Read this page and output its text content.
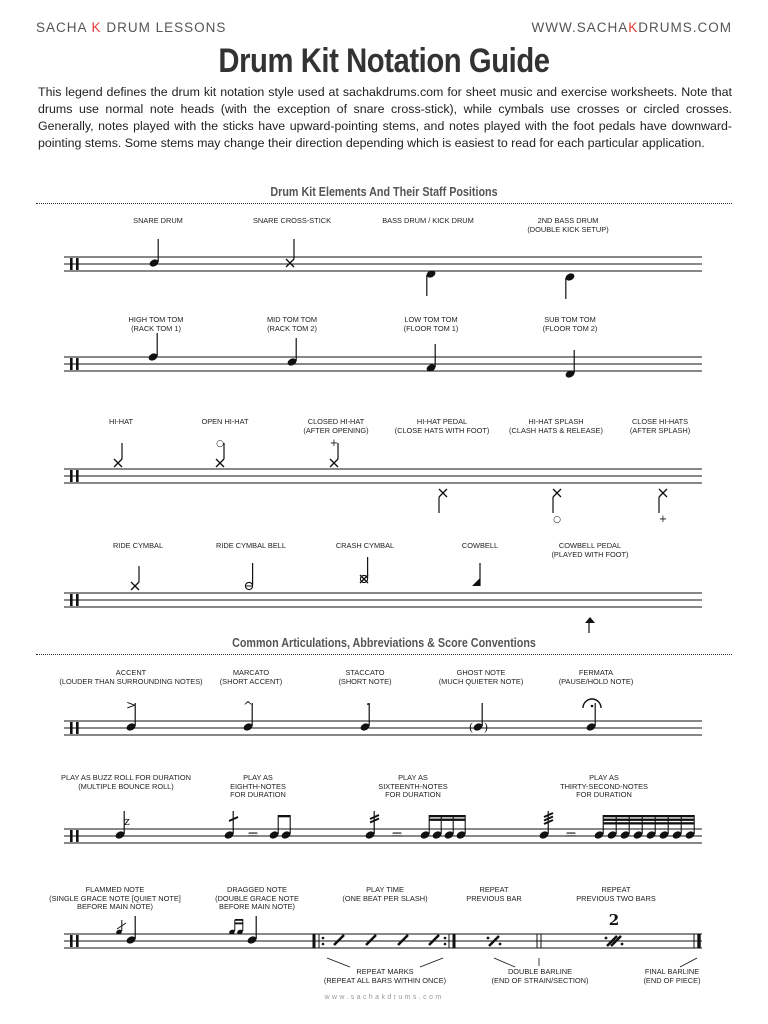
SACHA K DRUM LESSONS	WWW.SACHAKDRUMS.COM
Drum Kit Notation Guide
This legend defines the drum kit notation style used at sachakdrums.com for sheet music and exercise worksheets. Note that drums use normal note heads (with the exception of snare cross-stick), while cymbals use crosses or circled crosses. Generally, notes played with the sticks have upward-pointing stems, and notes played with the foot pedals have downward-pointing stems. Some stems may change their direction depending which is easiest to read for each particular application.
Drum Kit Elements And Their Staff Positions
Common Articulations, Abbreviations & Score Conventions
SNARE DRUM	SNARE CROSS-STICK	BASS DRUM / KICK DRUM	2ND BASS DRUM
(DOUBLE KICK SETUP)
HIGH TOM TOM
(RACK TOM 1)
MID TOM TOM
(RACK TOM 2)
LOW TOM TOM
(FLOOR TOM 1)
SUB TOM TOM
(FLOOR TOM 2)
HI-HAT	OPEN HI-HAT	CLOSED HI-HAT
(AFTER OPENING)
HI-HAT PEDAL
(CLOSE HATS WITH FOOT)
HI-HAT SPLASH
(CLASH HATS & RELEASE)
CLOSE HI-HATS
(AFTER SPLASH)
RIDE CYMBAL	RIDE CYMBAL BELL	CRASH CYMBAL	COWBELL	COWBELL PEDAL
(PLAYED WITH FOOT)
ACCENT
(LOUDER THAN SURROUNDING NOTES)
MARCATO
(SHORT ACCENT)
STACCATO
(SHORT NOTE)
GHOST NOTE
(MUCH QUIETER NOTE)
FERMATA
(PAUSE/HOLD NOTE)
PLAY AS BUZZ ROLL FOR DURATION
(MULTIPLE BOUNCE ROLL)
PLAY AS
EIGHTH-NOTES
FOR DURATION
PLAY AS
SIXTEENTH-NOTES
FOR DURATION
PLAY AS
THIRTY-SECOND-NOTES
FOR DURATION
FLAMMED NOTE
(SINGLE GRACE NOTE [QUIET NOTE]
BEFORE MAIN NOTE)
DRAGGED NOTE
(DOUBLE GRACE NOTE
BEFORE MAIN NOTE)
PLAY TIME
(ONE BEAT PER SLASH)
REPEAT
PREVIOUS BAR
REPEAT
PREVIOUS TWO BARS
REPEAT MARKS
(REPEAT ALL BARS WITHIN ONCE)
DOUBLE BARLINE
(END OF STRAIN/SECTION)
FINAL BARLINE
(END OF PIECE)
○	+
○	+
>	^	·
( )
z
=	=	=
2
www.sachakdrums.com
